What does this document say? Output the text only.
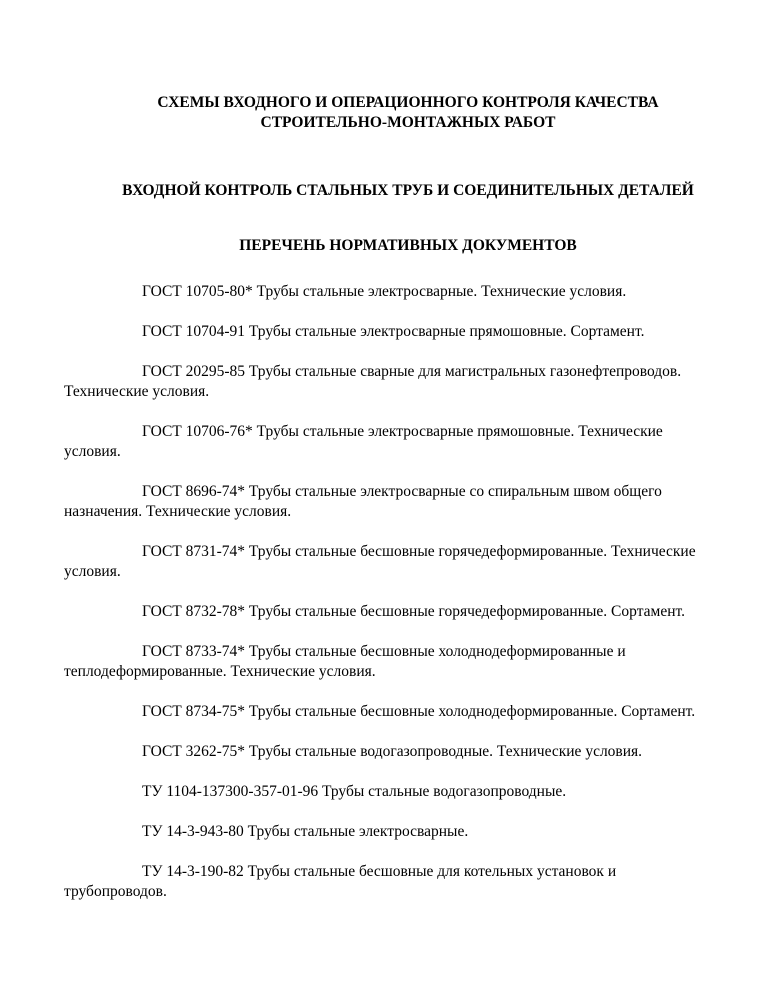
СХЕМЫ ВХОДНОГО И ОПЕРАЦИОННОГО КОНТРОЛЯ КАЧЕСТВА
СТРОИТЕЛЬНО-МОНТАЖНЫХ РАБОТ
ВХОДНОЙ КОНТРОЛЬ СТАЛЬНЫХ ТРУБ И СОЕДИНИТЕЛЬНЫХ ДЕТАЛЕЙ
ПЕРЕЧЕНЬ НОРМАТИВНЫХ ДОКУМЕНТОВ

ГОСТ 10705-80* Трубы стальные электросварные. Технические условия.

ГОСТ 10704-91 Трубы стальные электросварные прямошовные. Сортамент.

ГОСТ 20295-85 Трубы стальные сварные для магистральных газонефтепроводов.
Технические условия.

ГОСТ 10706-76* Трубы стальные электросварные прямошовные. Технические
условия.

ГОСТ 8696-74* Трубы стальные электросварные со спиральным швом общего
назначения. Технические условия.

ГОСТ 8731-74* Трубы стальные бесшовные горячедеформированные. Технические
условия.

ГОСТ 8732-78* Трубы стальные бесшовные горячедеформированные. Сортамент.

ГОСТ 8733-74* Трубы стальные бесшовные холоднодеформированные и
теплодеформированные. Технические условия.

ГОСТ 8734-75* Трубы стальные бесшовные холоднодеформированные. Сортамент.

ГОСТ 3262-75* Трубы стальные водогазопроводные. Технические условия.

ТУ 1104-137300-357-01-96 Трубы стальные водогазопроводные.

ТУ 14-3-943-80 Трубы стальные электросварные.

ТУ 14-3-190-82 Трубы стальные бесшовные для котельных установок и
трубопроводов.
